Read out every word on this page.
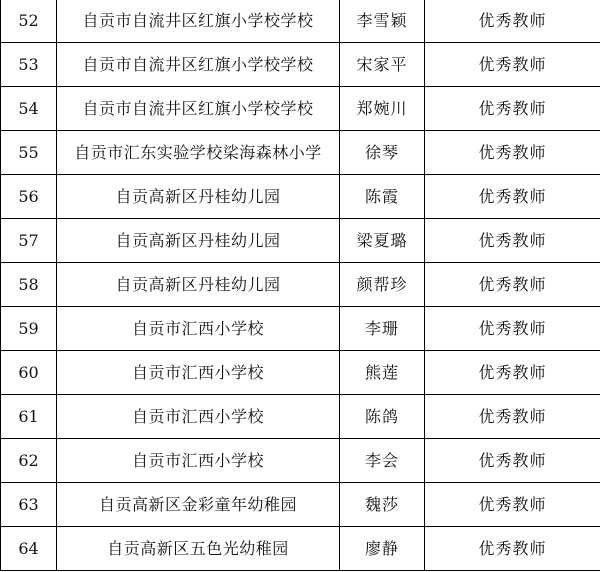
52	自贡市自流井区红旗小学校学校	李雪颖	优秀教师
53	自贡市自流井区红旗小学校学校	宋家平	优秀教师
54	自贡市自流井区红旗小学校学校	郑婉川	优秀教师
55	自贡市汇东实验学校桬海森林小学	徐琴	优秀教师
56	自贡高新区丹桂幼儿园	陈霞	优秀教师
57	自贡高新区丹桂幼儿园	梁夏璐	优秀教师
58	自贡高新区丹桂幼儿园	颜帮珍	优秀教师
59	自贡市汇西小学校	李珊	优秀教师
60	自贡市汇西小学校	熊莲	优秀教师
61	自贡市汇西小学校	陈鸽	优秀教师
62	自贡市汇西小学校	李会	优秀教师
63	自贡高新区金彩童年幼稚园	魏莎	优秀教师
64	自贡高新区五色光幼稚园	廖静	优秀教师
